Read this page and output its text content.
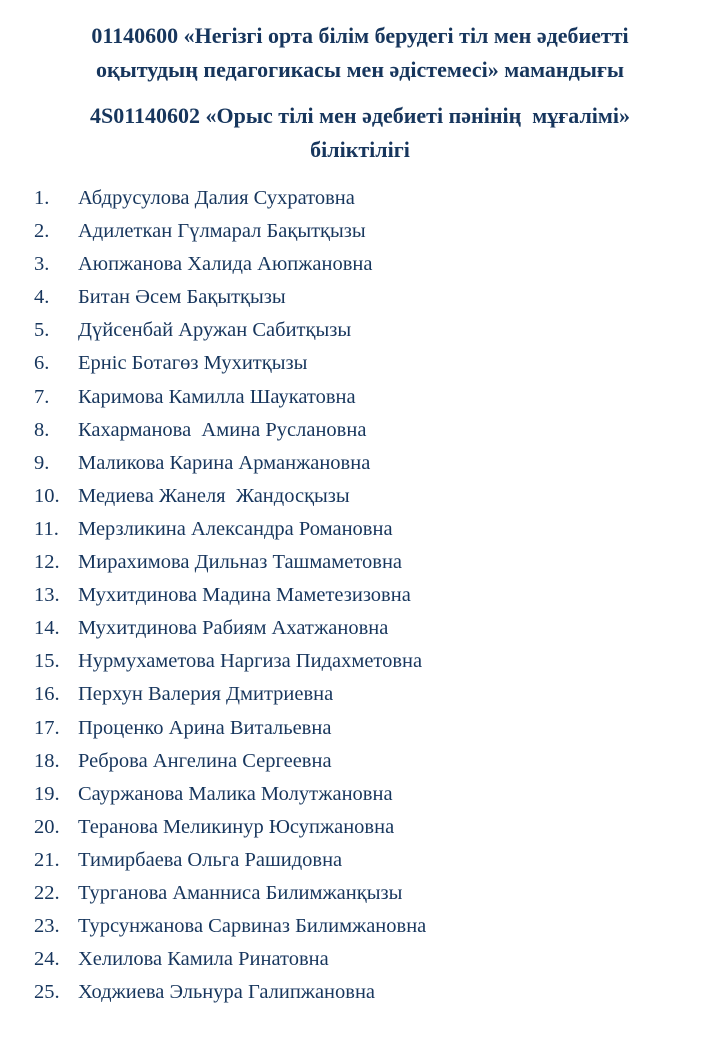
01140600 «Негізгі орта білім берудегі тіл мен әдебиетті
оқытудың педагогикасы мен әдістемесі» мамандығы
4S01140602 «Орыс тілі мен әдебиеті пәнінің  мұғалімі»
біліктілігі
1.	Абдрусулова Далия Сухратовна
2.	Адилеткан Гүлмарал Бақытқызы
3.	Аюпжанова Халида Аюпжановна
4.	Битан Әсем Бақытқызы
5.	Дүйсенбай Аружан Сабитқызы
6.	Ерніс Ботагөз Мухитқызы
7.	Каримова Камилла Шаукатовна
8.	Кахарманова  Амина Руслановна
9.	Маликова Карина Арманжановна
10. Медиева Жанеля  Жандосқызы
11. Мерзликина Александра Романовна
12. Мирахимова Дильназ Ташмаметовна
13. Мухитдинова Мадина Маметезизовна
14. Мухитдинова Рабиям Ахатжановна
15. Нурмухаметова Наргиза Пидахметовна
16. Перхун Валерия Дмитриевна
17. Проценко Арина Витальевна
18. Реброва Ангелина Сергеевна
19. Сауржанова Малика Молутжановна
20. Теранова Меликинур Юсупжановна
21. Тимирбаева Ольга Рашидовна
22. Турганова Аманниса Билимжанқызы
23. Турсунжанова Сарвиназ Билимжановна
24. Хелилова Камила Ринатовна
25. Ходжиева Эльнура Галипжановна
